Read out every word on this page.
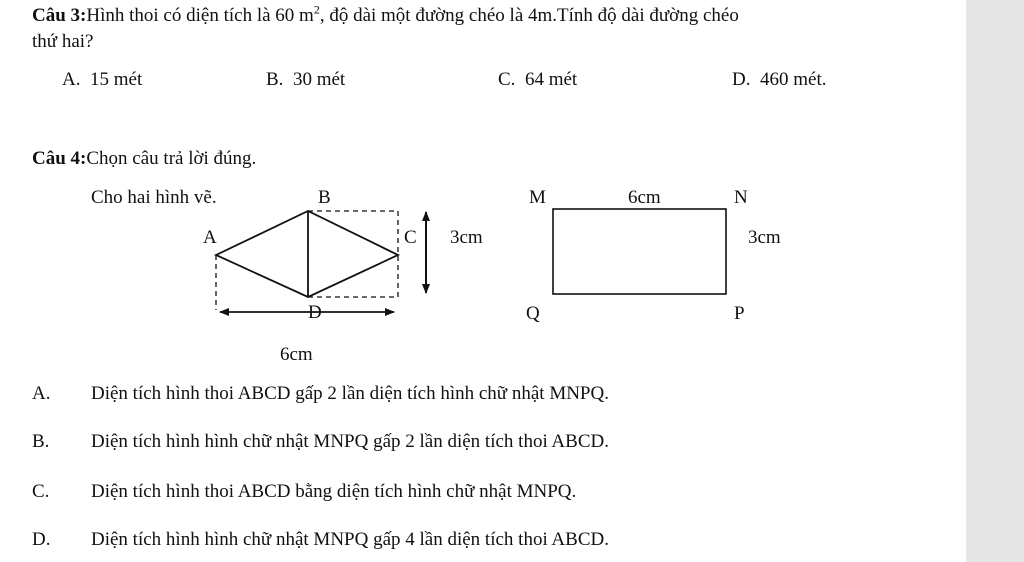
Câu 3:Hình thoi có diện tích là 60 $m^2$, độ dài một đường chéo là 4m.Tính độ dài đường chéo
thứ hai?
A. 15 mét	B. 30 mét	C. 64 mét	D. 460 mét.
Câu 4:Chọn câu trả lời đúng.
Cho hai hình vẽ.	B
A	C
D
3cm
6cm
M	6cm	N
3cm
Q	P
A. Diện tích hình thoi ABCD gấp 2 lần diện tích hình chữ nhật MNPQ.
B. Diện tích hình hình chữ nhật MNPQ gấp 2 lần diện tích thoi ABCD.
C. Diện tích hình thoi ABCD bằng diện tích hình chữ nhật MNPQ.
D. Diện tích hình hình chữ nhật MNPQ gấp 4 lần diện tích thoi ABCD.
